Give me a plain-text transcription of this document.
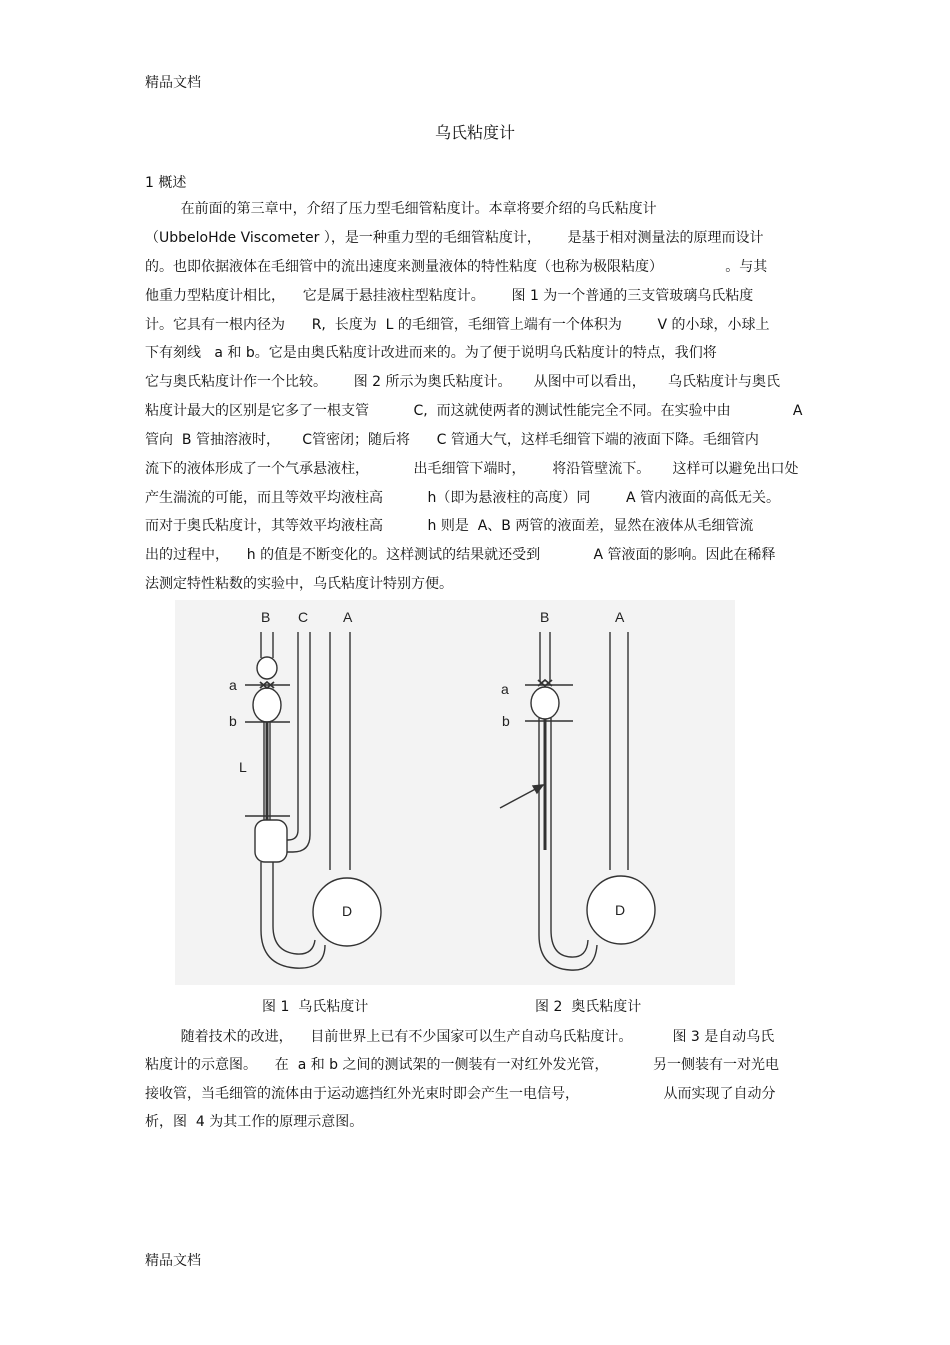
精品文档
乌氏粘度计
1 概述
在前面的第三章中，介绍了压力型毛细管粘度计。本章将要介绍的乌氏粘度计
（UbbeloHde Viscometer ），是一种重力型的毛细管粘度计，      是基于相对测量法的原理而设计
的。也即依据液体在毛细管中的流出速度来测量液体的特性粘度（也称为极限粘度）              。与其
他重力型粘度计相比，    它是属于悬挂液柱型粘度计。      图 1 为一个普通的三支管玻璃乌氏粘度
计。它具有一根内径为      R,  长度为  L 的毛细管，毛细管上端有一个体积为        V 的小球，小球上
下有刻线   a 和 b。它是由奥氏粘度计改进而来的。为了便于说明乌氏粘度计的特点，我们将
它与奥氏粘度计作一个比较。      图 2 所示为奥氏粘度计。     从图中可以看出，     乌氏粘度计与奥氏
粘度计最大的区别是它多了一根支管          C,  而这就使两者的测试性能完全不同。在实验中由              A
管向  B 管抽溶液时，     C管密闭；随后将      C 管通大气，这样毛细管下端的液面下降。毛细管内
流下的液体形成了一个气承悬液柱，          出毛细管下端时，      将沿管壁流下。     这样可以避免出口处
产生湍流的可能，而且等效平均液柱高          h（即为悬液柱的高度）同        A 管内液面的高低无关。
而对于奥氏粘度计，其等效平均液柱高          h 则是  A、B 两管的液面差，显然在液体从毛细管流
出的过程中，    h 的值是不断变化的。这样测试的结果就还受到            A 管液面的影响。因此在稀释
法测定特性粘数的实验中，乌氏粘度计特别方便。
B C A
a
b
L
D
B	A
a
b
D
图 1  乌氏粘度计	图 2  奥氏粘度计
随着技术的改进，    目前世界上已有不少国家可以生产自动乌氏粘度计。         图 3 是自动乌氏
粘度计的示意图。    在  a 和 b 之间的测试架的一侧装有一对红外发光管，          另一侧装有一对光电
接收管，当毛细管的流体由于运动遮挡红外光束时即会产生一电信号，                   从而实现了自动分
析，图  4 为其工作的原理示意图。
精品文档
